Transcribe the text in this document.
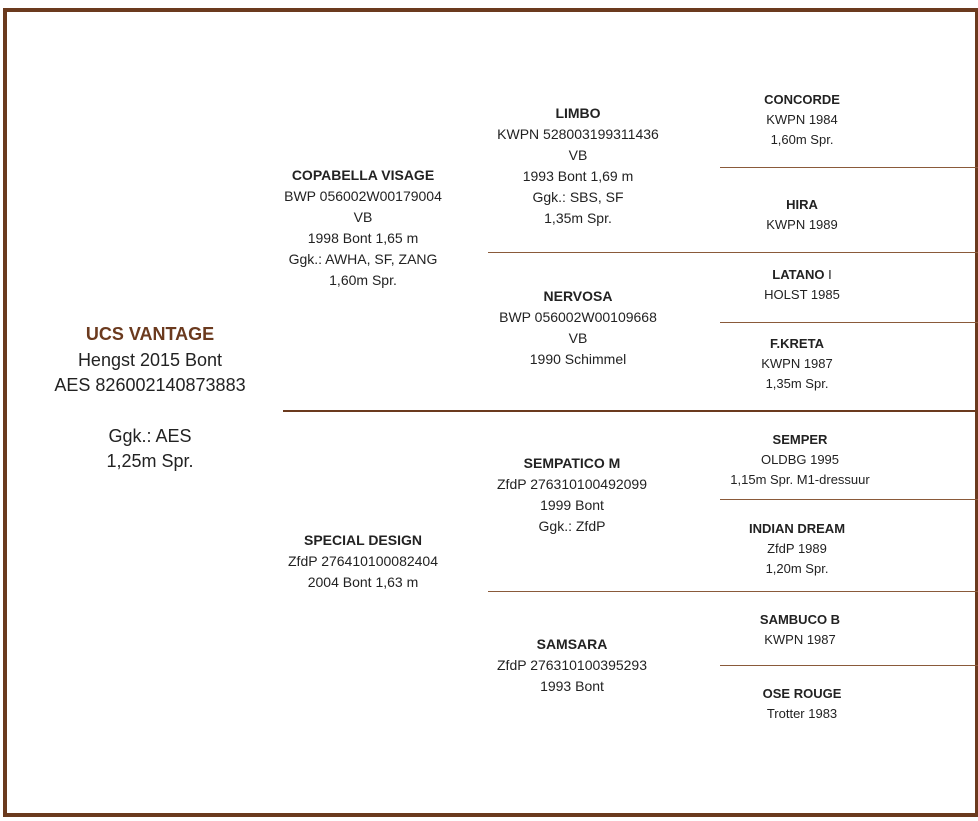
UCS VANTAGE
Hengst 2015 Bont
AES 826002140873883
Ggk.: AES
1,25m Spr.
COPABELLA VISAGE
BWP 056002W00179004
VB
1998 Bont 1,65 m
Ggk.: AWHA, SF, ZANG
1,60m Spr.
SPECIAL DESIGN
ZfdP 276410100082404
2004 Bont 1,63 m
LIMBO
KWPN 528003199311436
VB
1993 Bont 1,69 m
Ggk.: SBS, SF
1,35m Spr.
NERVOSA
BWP 056002W00109668
VB
1990 Schimmel
SEMPATICO M
ZfdP 276310100492099
1999 Bont
Ggk.: ZfdP
SAMSARA
ZfdP 276310100395293
1993 Bont
CONCORDE
KWPN 1984
1,60m Spr.
HIRA
KWPN 1989
LATANO I
HOLST 1985
F.KRETA
KWPN 1987
1,35m Spr.
SEMPER
OLDBG 1995
1,15m Spr. M1-dressuur
INDIAN DREAM
ZfdP 1989
1,20m Spr.
SAMBUCO B
KWPN 1987
OSE ROUGE
Trotter 1983
